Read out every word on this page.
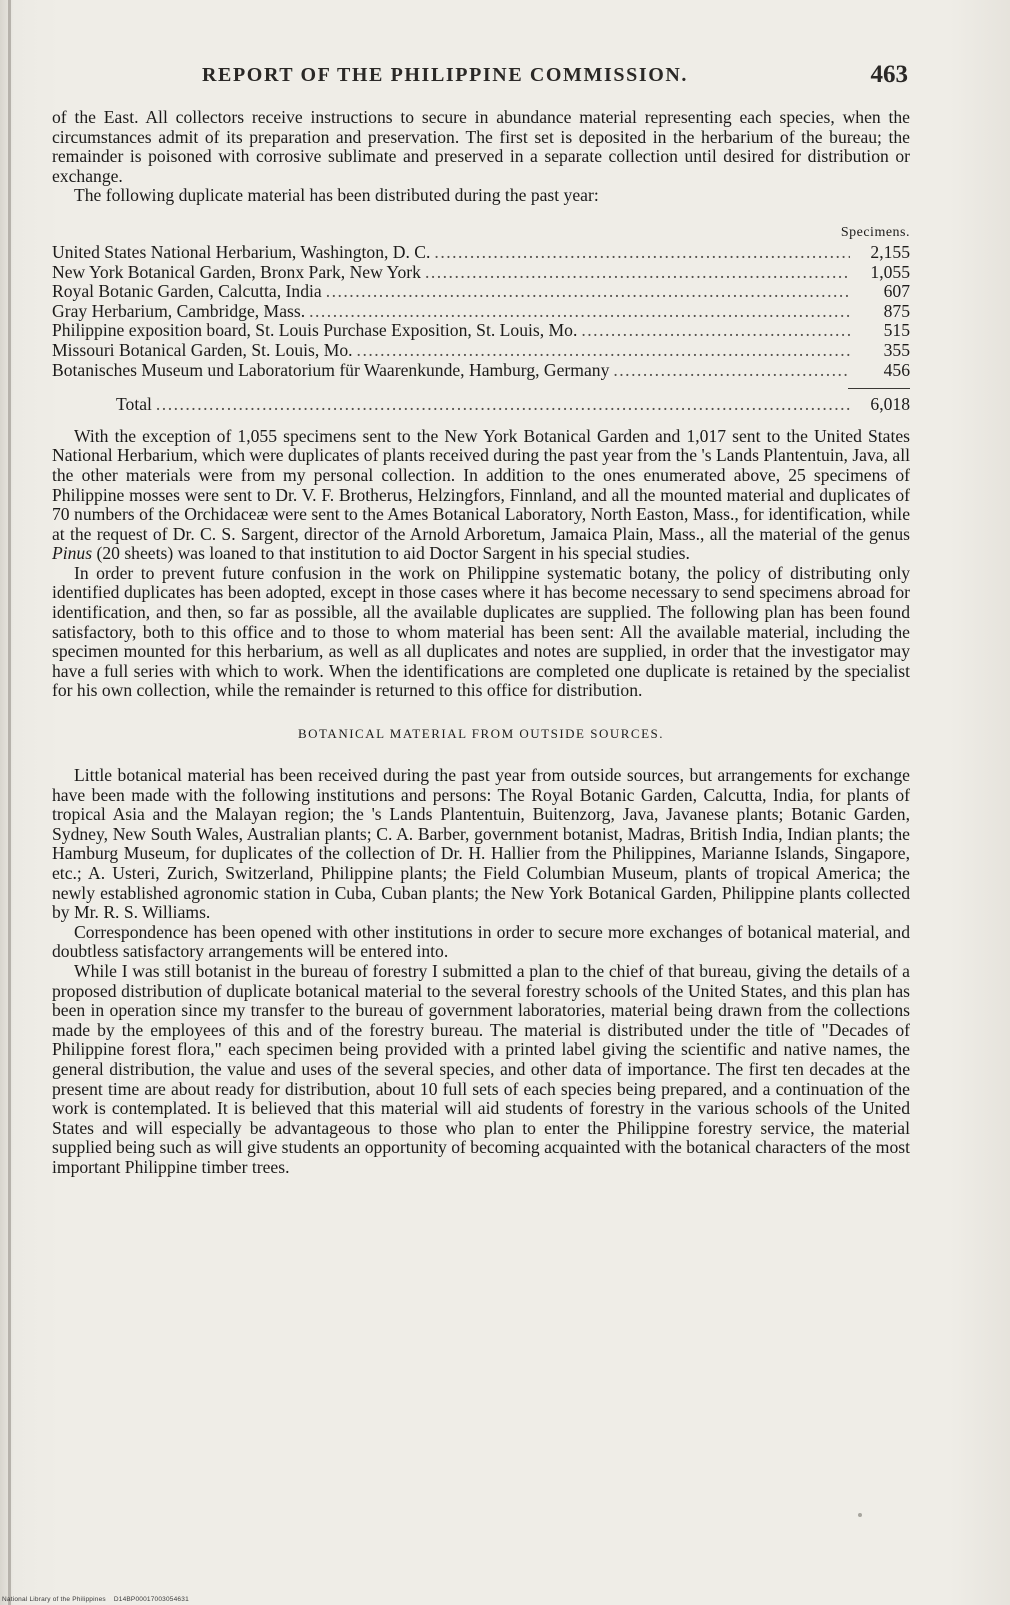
REPORT OF THE PHILIPPINE COMMISSION.	463

of the East. All collectors receive instructions to secure in abundance material representing each species, when the circumstances admit of its preparation and preservation. The first set is deposited in the herbarium of the bureau; the remainder is poisoned with corrosive sublimate and preserved in a separate collection until desired for distribution or exchange.

The following duplicate material has been distributed during the past year:

Specimens.
United States National Herbarium, Washington, D. C. .....	2,155
New York Botanical Garden, Bronx Park, New York .....	1,055
Royal Botanic Garden, Calcutta, India .....	607
Gray Herbarium, Cambridge, Mass. .....	875
Philippine exposition board, St. Louis Purchase Exposition, St. Louis, Mo. .....	515
Missouri Botanical Garden, St. Louis, Mo. .....	355
Botanisches Museum und Laboratorium für Waarenkunde, Hamburg, Germany .....	456
Total .....	6,018

With the exception of 1,055 specimens sent to the New York Botanical Garden and 1,017 sent to the United States National Herbarium, which were duplicates of plants received during the past year from the 's Lands Plantentuin, Java, all the other materials were from my personal collection. In addition to the ones enumerated above, 25 specimens of Philippine mosses were sent to Dr. V. F. Brotherus, Helzingfors, Finnland, and all the mounted material and duplicates of 70 numbers of the Orchidaceæ were sent to the Ames Botanical Laboratory, North Easton, Mass., for identification, while at the request of Dr. C. S. Sargent, director of the Arnold Arboretum, Jamaica Plain, Mass., all the material of the genus Pinus (20 sheets) was loaned to that institution to aid Doctor Sargent in his special studies.

In order to prevent future confusion in the work on Philippine systematic botany, the policy of distributing only identified duplicates has been adopted, except in those cases where it has become necessary to send specimens abroad for identification, and then, so far as possible, all the available duplicates are supplied. The following plan has been found satisfactory, both to this office and to those to whom material has been sent: All the available material, including the specimen mounted for this herbarium, as well as all duplicates and notes are supplied, in order that the investigator may have a full series with which to work. When the identifications are completed one duplicate is retained by the specialist for his own collection, while the remainder is returned to this office for distribution.

BOTANICAL MATERIAL FROM OUTSIDE SOURCES.

Little botanical material has been received during the past year from outside sources, but arrangements for exchange have been made with the following institutions and persons: The Royal Botanic Garden, Calcutta, India, for plants of tropical Asia and the Malayan region; the 's Lands Plantentuin, Buitenzorg, Java, Javanese plants; Botanic Garden, Sydney, New South Wales, Australian plants; C. A. Barber, government botanist, Madras, British India, Indian plants; the Hamburg Museum, for duplicates of the collection of Dr. H. Hallier from the Philippines, Marianne Islands, Singapore, etc.; A. Usteri, Zurich, Switzerland, Philippine plants; the Field Columbian Museum, plants of tropical America; the newly established agronomic station in Cuba, Cuban plants; the New York Botanical Garden, Philippine plants collected by Mr. R. S. Williams.

Correspondence has been opened with other institutions in order to secure more exchanges of botanical material, and doubtless satisfactory arrangements will be entered into.

While I was still botanist in the bureau of forestry I submitted a plan to the chief of that bureau, giving the details of a proposed distribution of duplicate botanical material to the several forestry schools of the United States, and this plan has been in operation since my transfer to the bureau of government laboratories, material being drawn from the collections made by the employees of this and of the forestry bureau. The material is distributed under the title of "Decades of Philippine forest flora," each specimen being provided with a printed label giving the scientific and native names, the general distribution, the value and uses of the several species, and other data of importance. The first ten decades at the present time are about ready for distribution, about 10 full sets of each species being prepared, and a continuation of the work is contemplated. It is believed that this material will aid students of forestry in the various schools of the United States and will especially be advantageous to those who plan to enter the Philippine forestry service, the material supplied being such as will give students an opportunity of becoming acquainted with the botanical characters of the most important Philippine timber trees.

National Library of the Philippines D14BP00017003054631
